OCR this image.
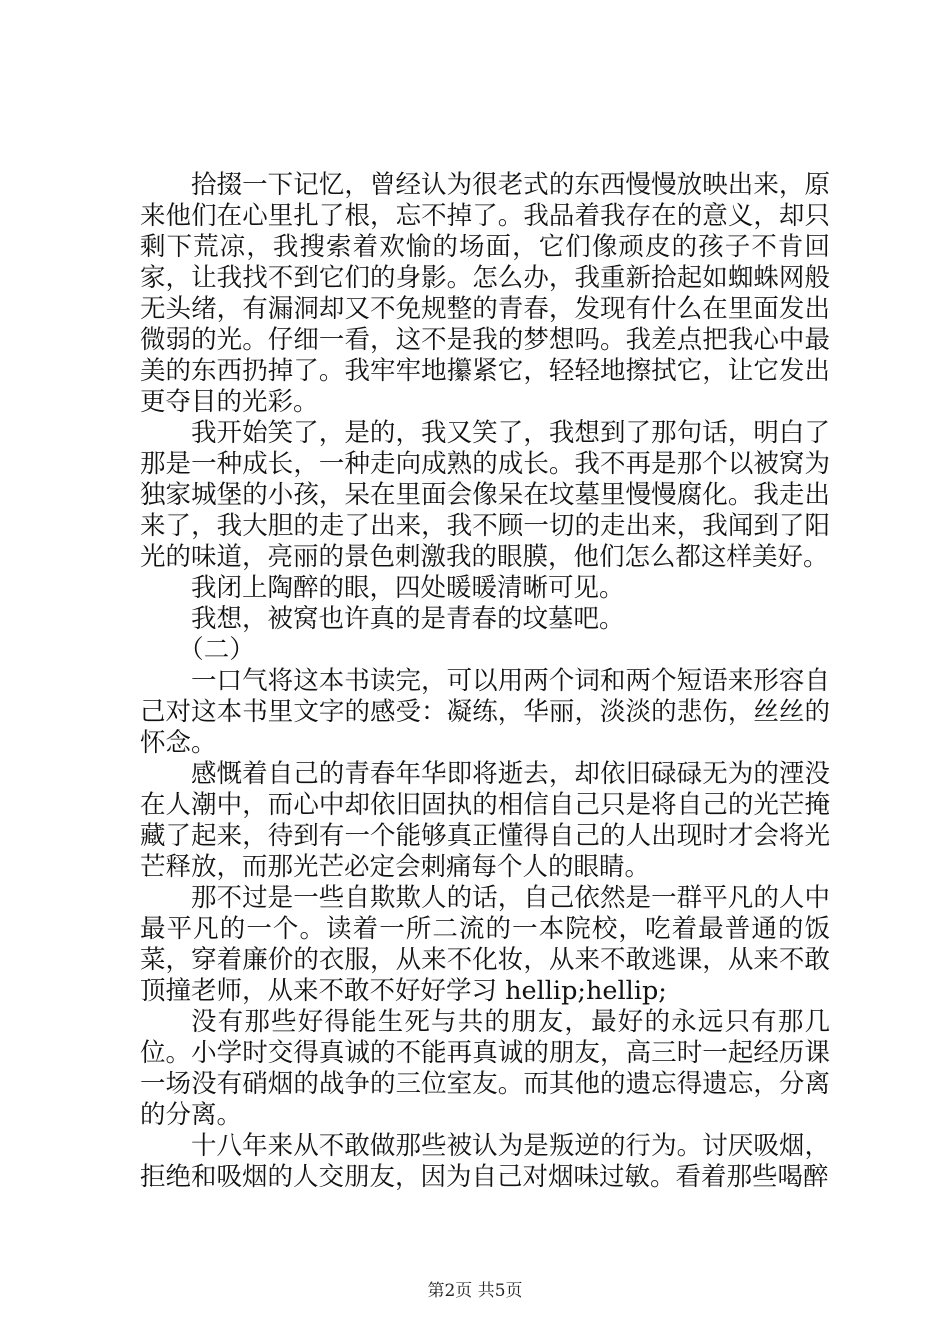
拾掇一下记忆，曾经认为很老式的东西慢慢放映出来，原来他们在心里扎了根，忘不掉了。我品着我存在的意义，却只剩下荒凉，我搜索着欢愉的场面，它们像顽皮的孩子不肯回家，让我找不到它们的身影。怎么办，我重新拾起如蜘蛛网般无头绪，有漏洞却又不免规整的青春，发现有什么在里面发出微弱的光。仔细一看，这不是我的梦想吗。我差点把我心中最美的东西扔掉了。我牢牢地攥紧它，轻轻地擦拭它，让它发出更夺目的光彩。

我开始笑了，是的，我又笑了，我想到了那句话，明白了那是一种成长，一种走向成熟的成长。我不再是那个以被窝为独家城堡的小孩，呆在里面会像呆在坟墓里慢慢腐化。我走出来了，我大胆的走了出来，我不顾一切的走出来，我闻到了阳光的味道，亮丽的景色刺激我的眼膜，他们怎么都这样美好。

我闭上陶醉的眼，四处暖暖清晰可见。

我想，被窝也许真的是青春的坟墓吧。

（二）

一口气将这本书读完，可以用两个词和两个短语来形容自己对这本书里文字的感受：凝练，华丽，淡淡的悲伤，丝丝的怀念。

感慨着自己的青春年华即将逝去，却依旧碌碌无为的湮没在人潮中，而心中却依旧固执的相信自己只是将自己的光芒掩藏了起来，待到有一个能够真正懂得自己的人出现时才会将光芒释放，而那光芒必定会刺痛每个人的眼睛。

那不过是一些自欺欺人的话，自己依然是一群平凡的人中最平凡的一个。读着一所二流的一本院校，吃着最普通的饭菜，穿着廉价的衣服，从来不化妆，从来不敢逃课，从来不敢顶撞老师，从来不敢不好好学习 hellip;hellip;

没有那些好得能生死与共的朋友，最好的永远只有那几位。小学时交得真诚的不能再真诚的朋友，高三时一起经历课一场没有硝烟的战争的三位室友。而其他的遗忘得遗忘，分离的分离。

十八年来从不敢做那些被认为是叛逆的行为。讨厌吸烟，拒绝和吸烟的人交朋友，因为自己对烟味过敏。看着那些喝醉

第2页 共5页
